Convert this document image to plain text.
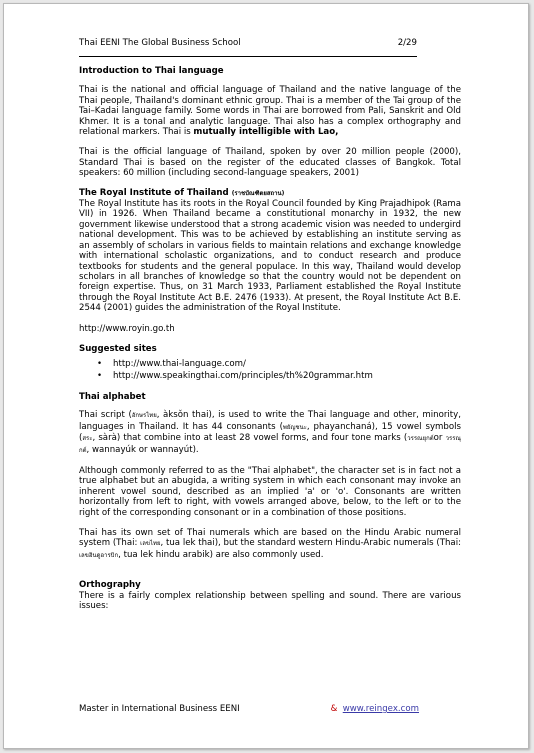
Thai EENI The Global Business School	2/29
Introduction to Thai language

Thai is the national and official language of Thailand and the native language of the Thai people, Thailand's dominant ethnic group. Thai is a member of the Tai group of the Tai–Kadai language family. Some words in Thai are borrowed from Pali, Sanskrit and Old Khmer. It is a tonal and analytic language. Thai also has a complex orthography and relational markers. Thai is mutually intelligible with Lao,

Thai is the official language of Thailand, spoken by over 20 million people (2000), Standard Thai is based on the register of the educated classes of Bangkok. Total speakers: 60 million (including second-language speakers, 2001)

The Royal Institute of Thailand (ราชบัณฑิตยสถาน)

The Royal Institute has its roots in the Royal Council founded by King Prajadhipok (Rama VII) in 1926. When Thailand became a constitutional monarchy in 1932, the new government likewise understood that a strong academic vision was needed to undergird national development. This was to be achieved by establishing an institute serving as an assembly of scholars in various fields to maintain relations and exchange knowledge with international scholastic organizations, and to conduct research and produce textbooks for students and the general populace. In this way, Thailand would develop scholars in all branches of knowledge so that the country would not be dependent on foreign expertise. Thus, on 31 March 1933, Parliament established the Royal Institute through the Royal Institute Act B.E. 2476 (1933). At present, the Royal Institute Act B.E. 2544 (2001) guides the administration of the Royal Institute.

http://www.royin.go.th

Suggested sites
• http://www.thai-language.com/
• http://www.speakingthai.com/principles/th%20grammar.htm
Thai alphabet

Thai script (อักษรไทย, àksǒn thai), is used to write the Thai language and other, minority, languages in Thailand. It has 44 consonants (พยัญชนะ, phayanchaná), 15 vowel symbols (สระ, sàrà) that combine into at least 28 vowel forms, and four tone marks (วรรณยุกต์or วรรณุกต์, wannayúk or wannayút).

Although commonly referred to as the "Thai alphabet", the character set is in fact not a true alphabet but an abugida, a writing system in which each consonant may invoke an inherent vowel sound, described as an implied 'a' or 'o'. Consonants are written horizontally from left to right, with vowels arranged above, below, to the left or to the right of the corresponding consonant or in a combination of those positions.

Thai has its own set of Thai numerals which are based on the Hindu Arabic numeral system (Thai: เลขไทย, tua lek thai), but the standard western Hindu-Arabic numerals (Thai: เลขฮินดูอารบิก, tua lek hindu arabik) are also commonly used.

Orthography

There is a fairly complex relationship between spelling and sound. There are various issues:

Master in International Business EENI	& www.reingex.com
